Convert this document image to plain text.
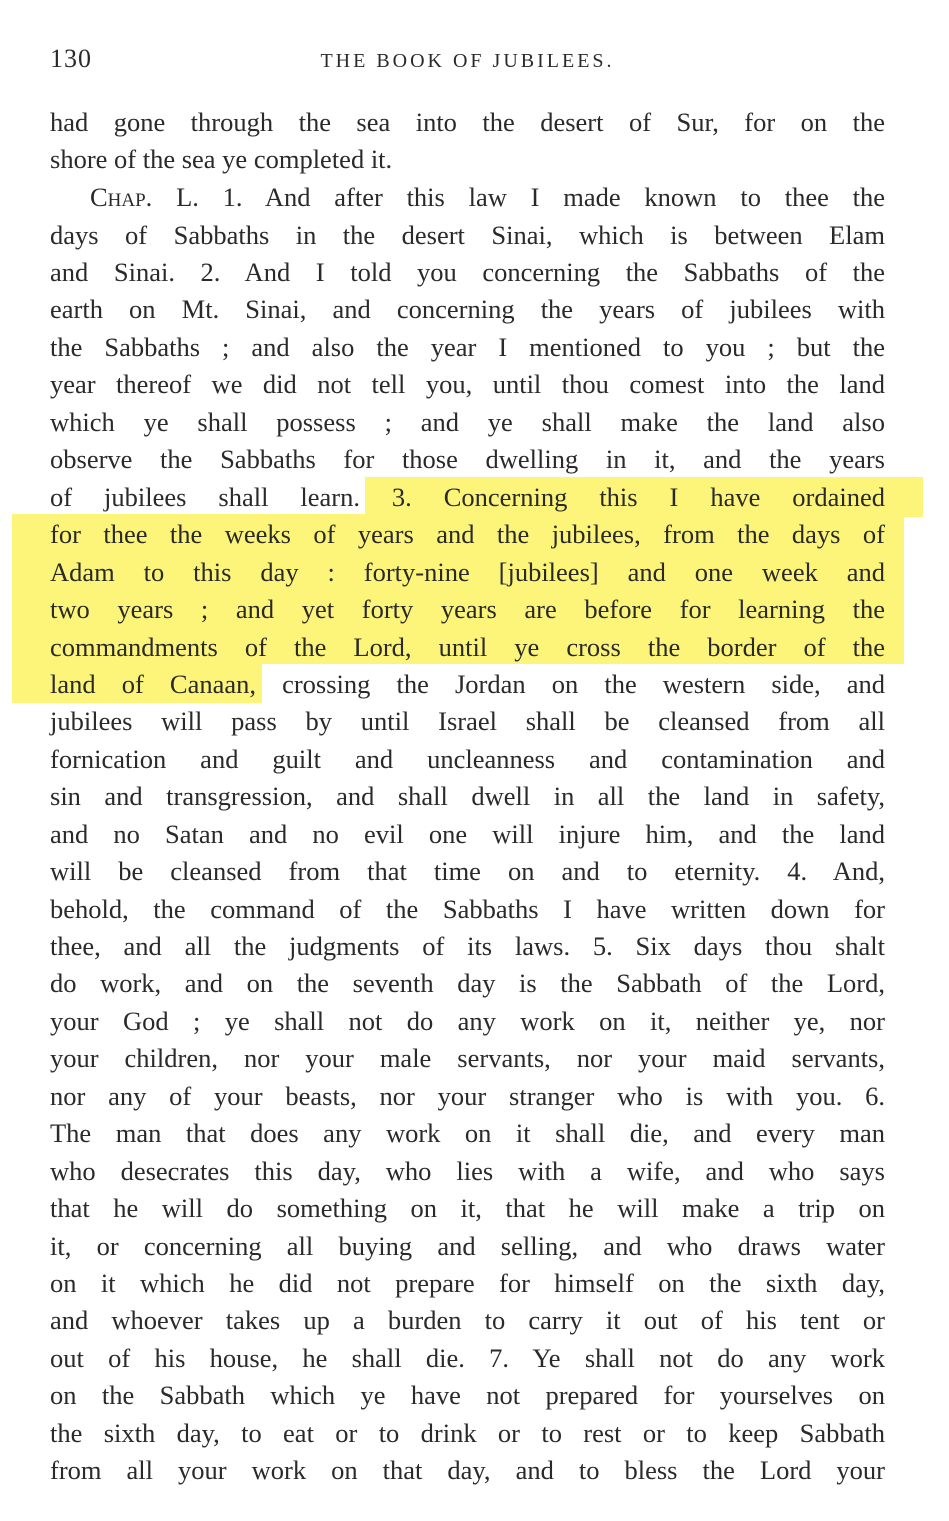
130	THE BOOK OF JUBILEES.
had gone through the sea into the desert of Sur, for on the
shore of the sea ye completed it.
Chap. L. 1. And after this law I made known to thee the
days of Sabbaths in the desert Sinai, which is between Elam
and Sinai. 2. And I told you concerning the Sabbaths of the
earth on Mt. Sinai, and concerning the years of jubilees with
the Sabbaths ; and also the year I mentioned to you ; but the
year thereof we did not tell you, until thou comest into the land
which ye shall possess ; and ye shall make the land also
observe the Sabbaths for those dwelling in it, and the years
of jubilees shall learn. 3. Concerning this I have ordained
for thee the weeks of years and the jubilees, from the days of
Adam to this day : forty-nine [jubilees] and one week and
two years ; and yet forty years are before for learning the
commandments of the Lord, until ye cross the border of the
land of Canaan, crossing the Jordan on the western side, and
jubilees will pass by until Israel shall be cleansed from all
fornication and guilt and uncleanness and contamination and
sin and transgression, and shall dwell in all the land in safety,
and no Satan and no evil one will injure him, and the land
will be cleansed from that time on and to eternity. 4. And,
behold, the command of the Sabbaths I have written down for
thee, and all the judgments of its laws. 5. Six days thou shalt
do work, and on the seventh day is the Sabbath of the Lord,
your God ; ye shall not do any work on it, neither ye, nor
your children, nor your male servants, nor your maid servants,
nor any of your beasts, nor your stranger who is with you. 6.
The man that does any work on it shall die, and every man
who desecrates this day, who lies with a wife, and who says
that he will do something on it, that he will make a trip on
it, or concerning all buying and selling, and who draws water
on it which he did not prepare for himself on the sixth day,
and whoever takes up a burden to carry it out of his tent or
out of his house, he shall die. 7. Ye shall not do any work
on the Sabbath which ye have not prepared for yourselves on
the sixth day, to eat or to drink or to rest or to keep Sabbath
from all your work on that day, and to bless the Lord your
